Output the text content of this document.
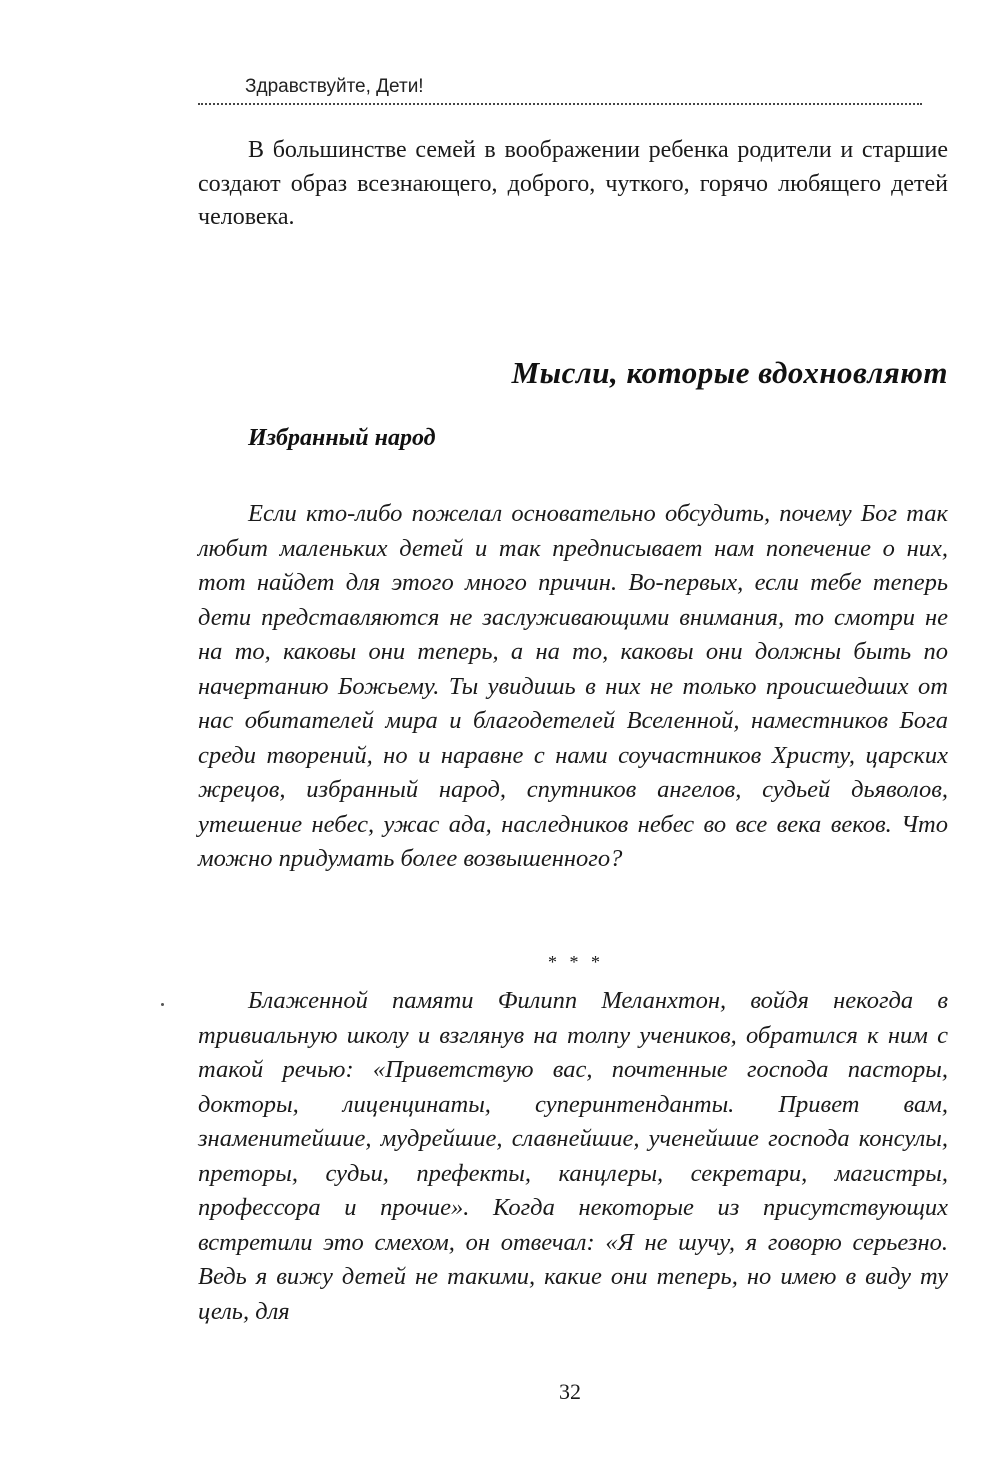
Здравствуйте, Дети!

В большинстве семей в воображении ребенка родители и старшие создают образ всезнающего, доброго, чуткого, горячо любящего детей человека.

Мысли, которые вдохновляют
Избранный народ

Если кто-либо пожелал основательно обсудить, почему Бог так любит маленьких детей и так предписывает нам попечение о них, тот найдет для этого много причин. Во-первых, если тебе теперь дети представляются не заслуживающими внимания, то смотри не на то, каковы они теперь, а на то, каковы они должны быть по начертанию Божьему. Ты увидишь в них не только происшедших от нас обитателей мира и благодетелей Вселенной, наместников Бога среди творений, но и наравне с нами соучастников Христу, царских жрецов, избранный народ, спутников ангелов, судьей дьяволов, утешение небес, ужас ада, наследников небес во все века веков. Что можно придумать более возвышенного?

* * *

Блаженной памяти Филипп Меланхтон, войдя некогда в тривиальную школу и взглянув на толпу учеников, обратился к ним с такой речью: «Приветствую вас, почтенные господа пасторы, докторы, лиценцинаты, суперинтенданты. Привет вам, знаменитейшие, мудрейшие, славнейшие, ученейшие господа консулы, преторы, судьи, префекты, канцлеры, секретари, магистры, профессора и прочие». Когда некоторые из присутствующих встретили это смехом, он отвечал: «Я не шучу, я говорю серьезно. Ведь я вижу детей не такими, какие они теперь, но имею в виду ту цель, для

32
